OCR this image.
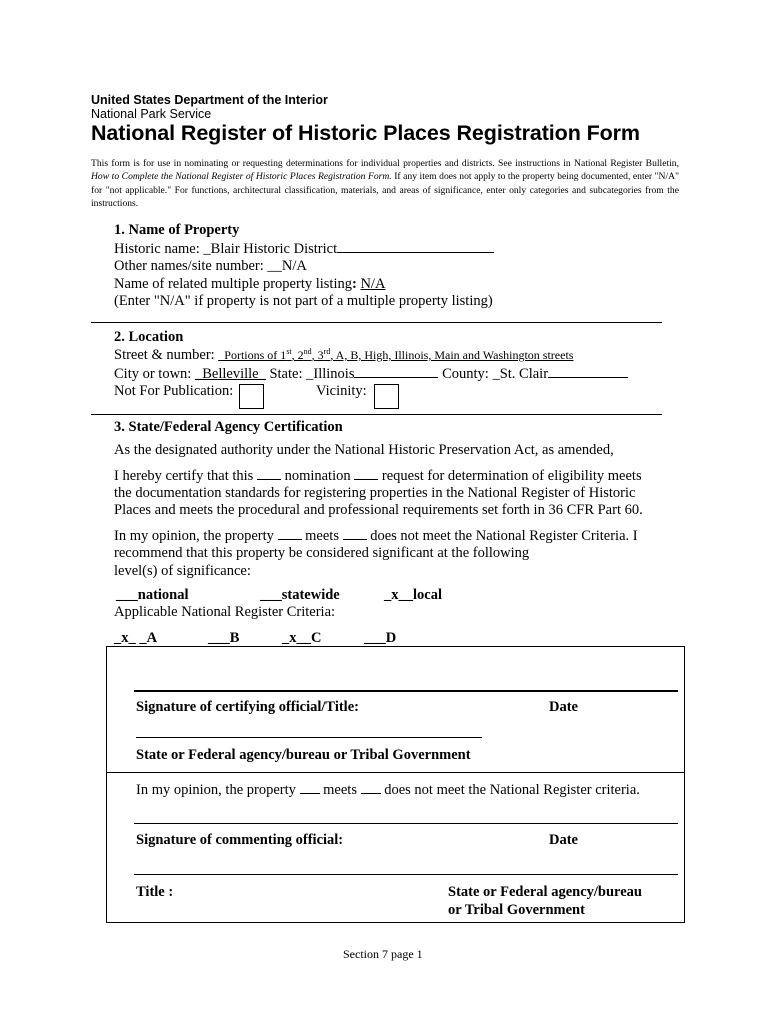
United States Department of the Interior
National Park Service
National Register of Historic Places Registration Form
This form is for use in nominating or requesting determinations for individual properties and districts. See instructions in National Register Bulletin, How to Complete the National Register of Historic Places Registration Form. If any item does not apply to the property being documented, enter "N/A" for "not applicable." For functions, architectural classification, materials, and areas of significance, enter only categories and subcategories from the instructions.
1. Name of Property
Historic name: _Blair Historic District
Other names/site number: __N/A
Name of related multiple property listing: N/A
(Enter "N/A" if property is not part of a multiple property listing)
2. Location
Street & number: _Portions of 1st, 2nd, 3rd, A, B, High, Illinois, Main and Washington streets
City or town: _Belleville_ State: _Illinois	County: _St. Clair
Not For Publication:	Vicinity:
3. State/Federal Agency Certification
As the designated authority under the National Historic Preservation Act, as amended,
I hereby certify that this nomination request for determination of eligibility meets
the documentation standards for registering properties in the National Register of Historic
Places and meets the procedural and professional requirements set forth in 36 CFR Part 60.
In my opinion, the property meets does not meet the National Register Criteria. I
recommend that this property be considered significant at the following
level(s) of significance:
___national	___statewide	_x__local
Applicable National Register Criteria:
_x_ _A	___B	_x__C	___D
Signature of certifying official/Title:	Date
State or Federal agency/bureau or Tribal Government
In my opinion, the property meets does not meet the National Register criteria.
Signature of commenting official:	Date
Title :	State or Federal agency/bureau
or Tribal Government
Section 7 page 1
